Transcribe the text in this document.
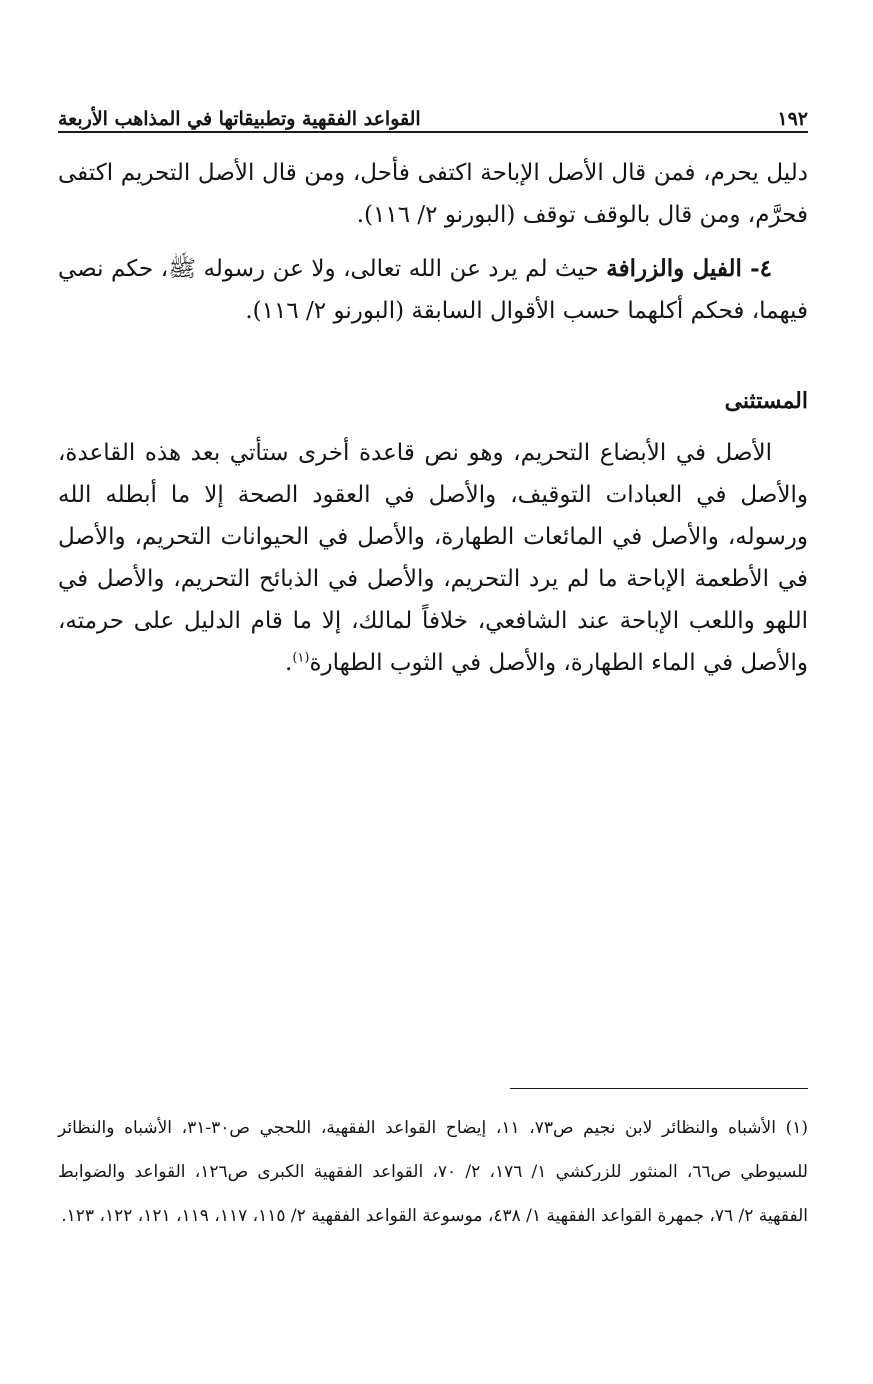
١٩٢
القواعد الفقهية وتطبيقاتها في المذاهب الأربعة

دليل يحرم، فمن قال الأصل الإباحة اكتفى فأحل، ومن قال الأصل التحريم اكتفى فحرَّم، ومن قال بالوقف توقف (البورنو ٢/ ١١٦).

٤- الفيل والزرافة حيث لم يرد عن الله تعالى، ولا عن رسوله ﷺ، حكم نصي فيهما، فحكم أكلهما حسب الأقوال السابقة (البورنو ٢/ ١١٦).

المستثنى

الأصل في الأبضاع التحريم، وهو نص قاعدة أخرى ستأتي بعد هذه القاعدة، والأصل في العبادات التوقيف، والأصل في العقود الصحة إلا ما أبطله الله ورسوله، والأصل في المائعات الطهارة، والأصل في الحيوانات التحريم، والأصل في الأطعمة الإباحة ما لم يرد التحريم، والأصل في الذبائح التحريم، والأصل في اللهو واللعب الإباحة عند الشافعي، خلافاً لمالك، إلا ما قام الدليل على حرمته، والأصل في الماء الطهارة، والأصل في الثوب الطهارة$^{(١)}$.

(١) الأشباه والنظائر لابن نجيم ص٧٣، ١١، إيضاح القواعد الفقهية، اللحجي ص٣٠-٣١، الأشباه والنظائر للسيوطي ص٦٦، المنثور للزركشي ١/ ١٧٦، ٢/ ٧٠، القواعد الفقهية الكبرى ص١٢٦، القواعد والضوابط الفقهية ٢/ ٧٦، جمهرة القواعد الفقهية ١/ ٤٣٨، موسوعة القواعد الفقهية ٢/ ١١٥، ١١٧، ١١٩، ١٢١، ١٢٢، ١٢٣.
